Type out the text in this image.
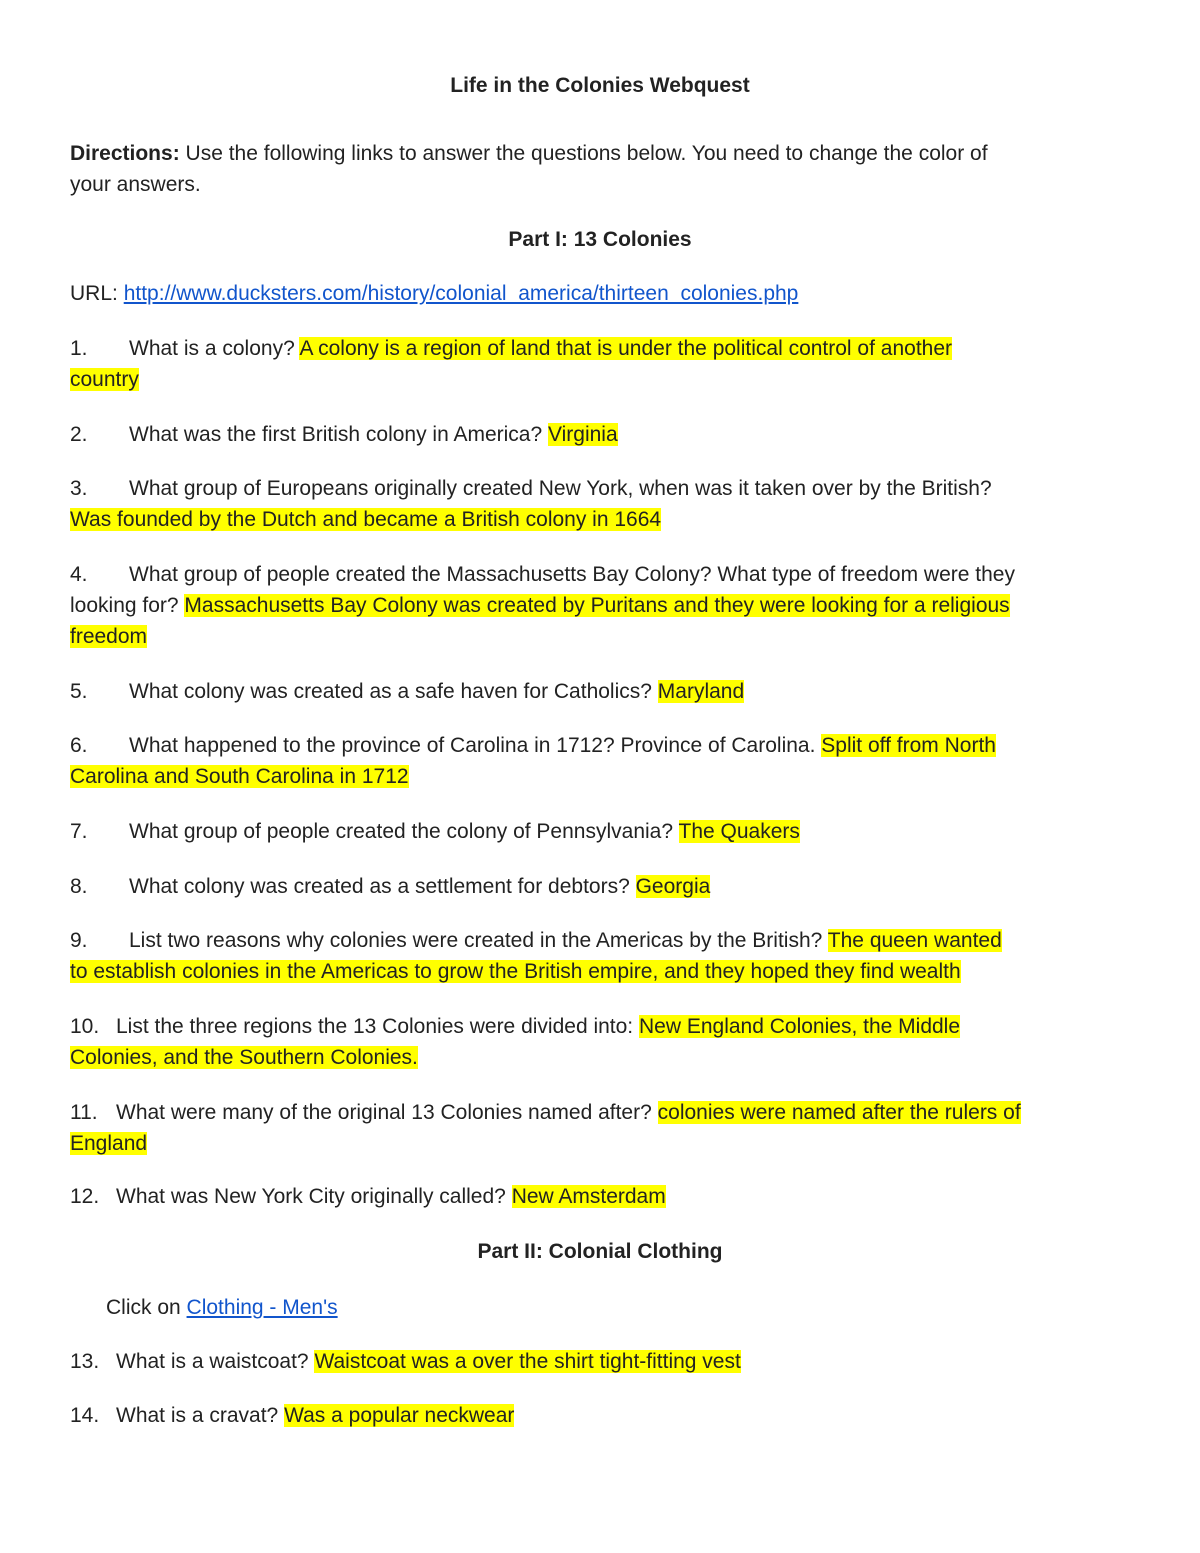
Life in the Colonies Webquest
Directions: Use the following links to answer the questions below. You need to change the color of
your answers.
Part I: 13 Colonies
URL: http://www.ducksters.com/history/colonial_america/thirteen_colonies.php
1. What is a colony? A colony is a region of land that is under the political control of another
country
2. What was the first British colony in America? Virginia
3. What group of Europeans originally created New York, when was it taken over by the British?
Was founded by the Dutch and became a British colony in 1664
4. What group of people created the Massachusetts Bay Colony? What type of freedom were they
looking for? Massachusetts Bay Colony was created by Puritans and they were looking for a religious
freedom
5. What colony was created as a safe haven for Catholics? Maryland
6. What happened to the province of Carolina in 1712? Province of Carolina. Split off from North
Carolina and South Carolina in 1712
7. What group of people created the colony of Pennsylvania? The Quakers
8. What colony was created as a settlement for debtors? Georgia
9. List two reasons why colonies were created in the Americas by the British? The queen wanted
to establish colonies in the Americas to grow the British empire, and they hoped they find wealth
10. List the three regions the 13 Colonies were divided into: New England Colonies, the Middle
Colonies, and the Southern Colonies.
11. What were many of the original 13 Colonies named after? colonies were named after the rulers of
England
12. What was New York City originally called? New Amsterdam
Part II: Colonial Clothing
Click on Clothing - Men's
13. What is a waistcoat? Waistcoat was a over the shirt tight-fitting vest
14. What is a cravat? Was a popular neckwear
